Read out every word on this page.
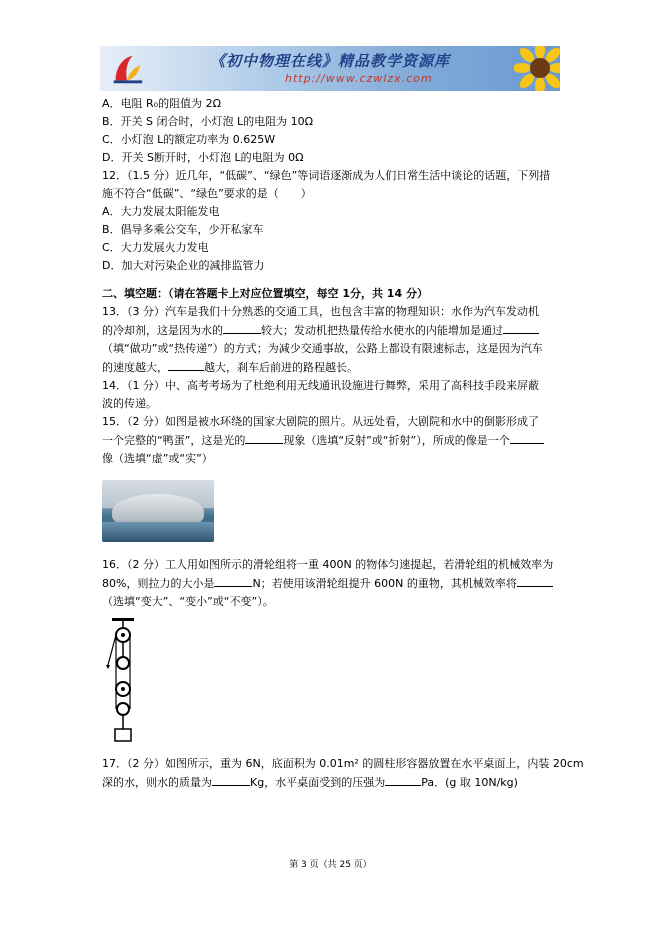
《初中物理在线》精品教学资源库
http://www.czwlzx.com
A．电阻 R₀的阻值为 2Ω
B．开关 S 闭合时，小灯泡 L的电阻为 10Ω
C．小灯泡 L的额定功率为 0.625W
D．开关 S断开时，小灯泡 L的电阻为 0Ω
12．（1.5 分）近几年，“低碳”、“绿色”等词语逐渐成为人们日常生活中谈论的话题，下列措
施不符合“低碳”、“绿色”要求的是（　　）
A．大力发展太阳能发电
B．倡导多乘公交车，少开私家车
C．大力发展火力发电
D．加大对污染企业的减排监管力
二、填空题：（请在答题卡上对应位置填空，每空 1分，共 14 分）
13．（3 分）汽车是我们十分熟悉的交通工具，也包含丰富的物理知识：水作为汽车发动机
的冷却剂，这是因为水的	较大；发动机把热量传给水使水的内能增加是通过
（填“做功”或“热传递”）的方式；为减少交通事故，公路上都设有限速标志，这是因为汽车
的速度越大，	越大，刹车后前进的路程越长。
14．（1 分）中、高考考场为了杜绝利用无线通讯设施进行舞弊，采用了高科技手段来屏蔽
波的传递。
15．（2 分）如图是被水环绕的国家大剧院的照片。从远处看，大剧院和水中的倒影形成了
一个完整的“鸭蛋”，这是光的	现象（选填“反射”或“折射”），所成的像是一个
像（选填“虚”或“实”）
16．（2 分）工人用如图所示的滑轮组将一重 400N 的物体匀速提起，若滑轮组的机械效率为
80%，则拉力的大小是	N；若使用该滑轮组提升 600N 的重物，其机械效率将
（选填“变大”、“变小”或“不变”）。
17．（2 分）如图所示，重为 6N，底面积为 0.01m² 的圆柱形容器放置在水平桌面上，内装 20cm
深的水，则水的质量为	Kg，水平桌面受到的压强为	Pa．(g 取 10N/kg)
第 3 页（共 25 页）
